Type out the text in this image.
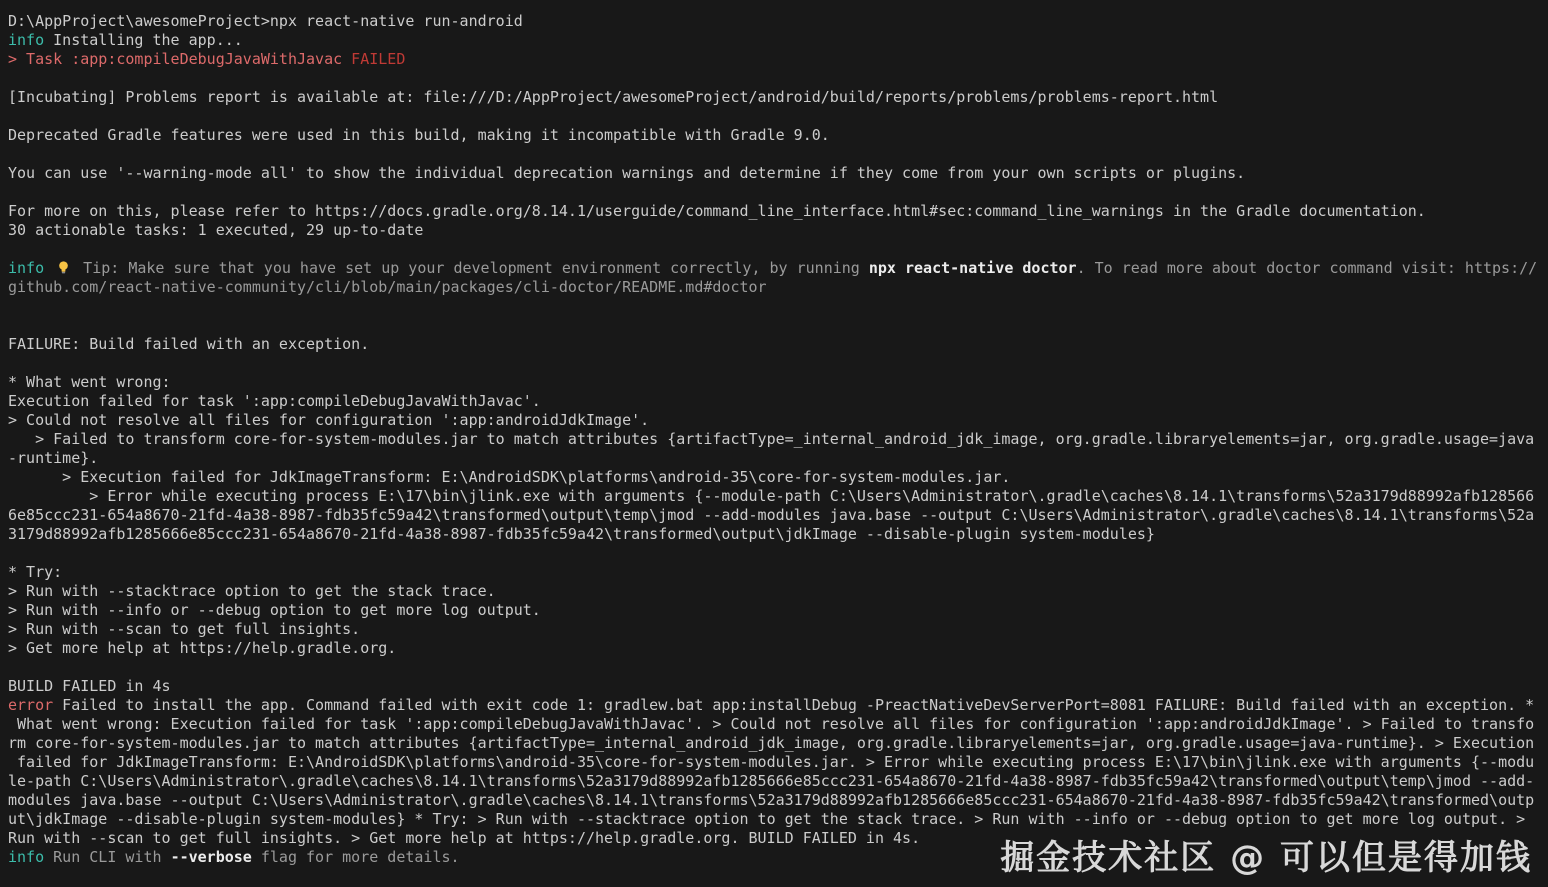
D:\AppProject\awesomeProject>npx react-native run-android
info Installing the app...
> Task :app:compileDebugJavaWithJavac FAILED

[Incubating] Problems report is available at: file:///D:/AppProject/awesomeProject/android/build/reports/problems/problems-report.html

Deprecated Gradle features were used in this build, making it incompatible with Gradle 9.0.

You can use '--warning-mode all' to show the individual deprecation warnings and determine if they come from your own scripts or plugins.

For more on this, please refer to https://docs.gradle.org/8.14.1/userguide/command_line_interface.html#sec:command_line_warnings in the Gradle documentation.
30 actionable tasks: 1 executed, 29 up-to-date

info  Tip: Make sure that you have set up your development environment correctly, by running npx react-native doctor. To read more about doctor command visit: https://
github.com/react-native-community/cli/blob/main/packages/cli-doctor/README.md#doctor

FAILURE: Build failed with an exception.

* What went wrong:
Execution failed for task ':app:compileDebugJavaWithJavac'.
> Could not resolve all files for configuration ':app:androidJdkImage'.
> Failed to transform core-for-system-modules.jar to match attributes {artifactType=_internal_android_jdk_image, org.gradle.libraryelements=jar, org.gradle.usage=java
-runtime}.
> Execution failed for JdkImageTransform: E:\AndroidSDK\platforms\android-35\core-for-system-modules.jar.
> Error while executing process E:\17\bin\jlink.exe with arguments {--module-path C:\Users\Administrator\.gradle\caches\8.14.1\transforms\52a3179d88992afb128566
6e85ccc231-654a8670-21fd-4a38-8987-fdb35fc59a42\transformed\output\temp\jmod --add-modules java.base --output C:\Users\Administrator\.gradle\caches\8.14.1\transforms\52a
3179d88992afb1285666e85ccc231-654a8670-21fd-4a38-8987-fdb35fc59a42\transformed\output\jdkImage --disable-plugin system-modules}

* Try:
> Run with --stacktrace option to get the stack trace.
> Run with --info or --debug option to get more log output.
> Run with --scan to get full insights.
> Get more help at https://help.gradle.org.

BUILD FAILED in 4s
error Failed to install the app. Command failed with exit code 1: gradlew.bat app:installDebug -PreactNativeDevServerPort=8081 FAILURE: Build failed with an exception. *
What went wrong: Execution failed for task ':app:compileDebugJavaWithJavac'. > Could not resolve all files for configuration ':app:androidJdkImage'. > Failed to transfo
rm core-for-system-modules.jar to match attributes {artifactType=_internal_android_jdk_image, org.gradle.libraryelements=jar, org.gradle.usage=java-runtime}. > Execution
failed for JdkImageTransform: E:\AndroidSDK\platforms\android-35\core-for-system-modules.jar. > Error while executing process E:\17\bin\jlink.exe with arguments {--modu
le-path C:\Users\Administrator\.gradle\caches\8.14.1\transforms\52a3179d88992afb1285666e85ccc231-654a8670-21fd-4a38-8987-fdb35fc59a42\transformed\output\temp\jmod --add-
modules java.base --output C:\Users\Administrator\.gradle\caches\8.14.1\transforms\52a3179d88992afb1285666e85ccc231-654a8670-21fd-4a38-8987-fdb35fc59a42\transformed\outp
ut\jdkImage --disable-plugin system-modules} * Try: > Run with --stacktrace option to get the stack trace. > Run with --info or --debug option to get more log output. >
Run with --scan to get full insights. > Get more help at https://help.gradle.org. BUILD FAILED in 4s.
info Run CLI with --verbose flag for more details.	掘金技术社区 @ 可以但是得加钱
